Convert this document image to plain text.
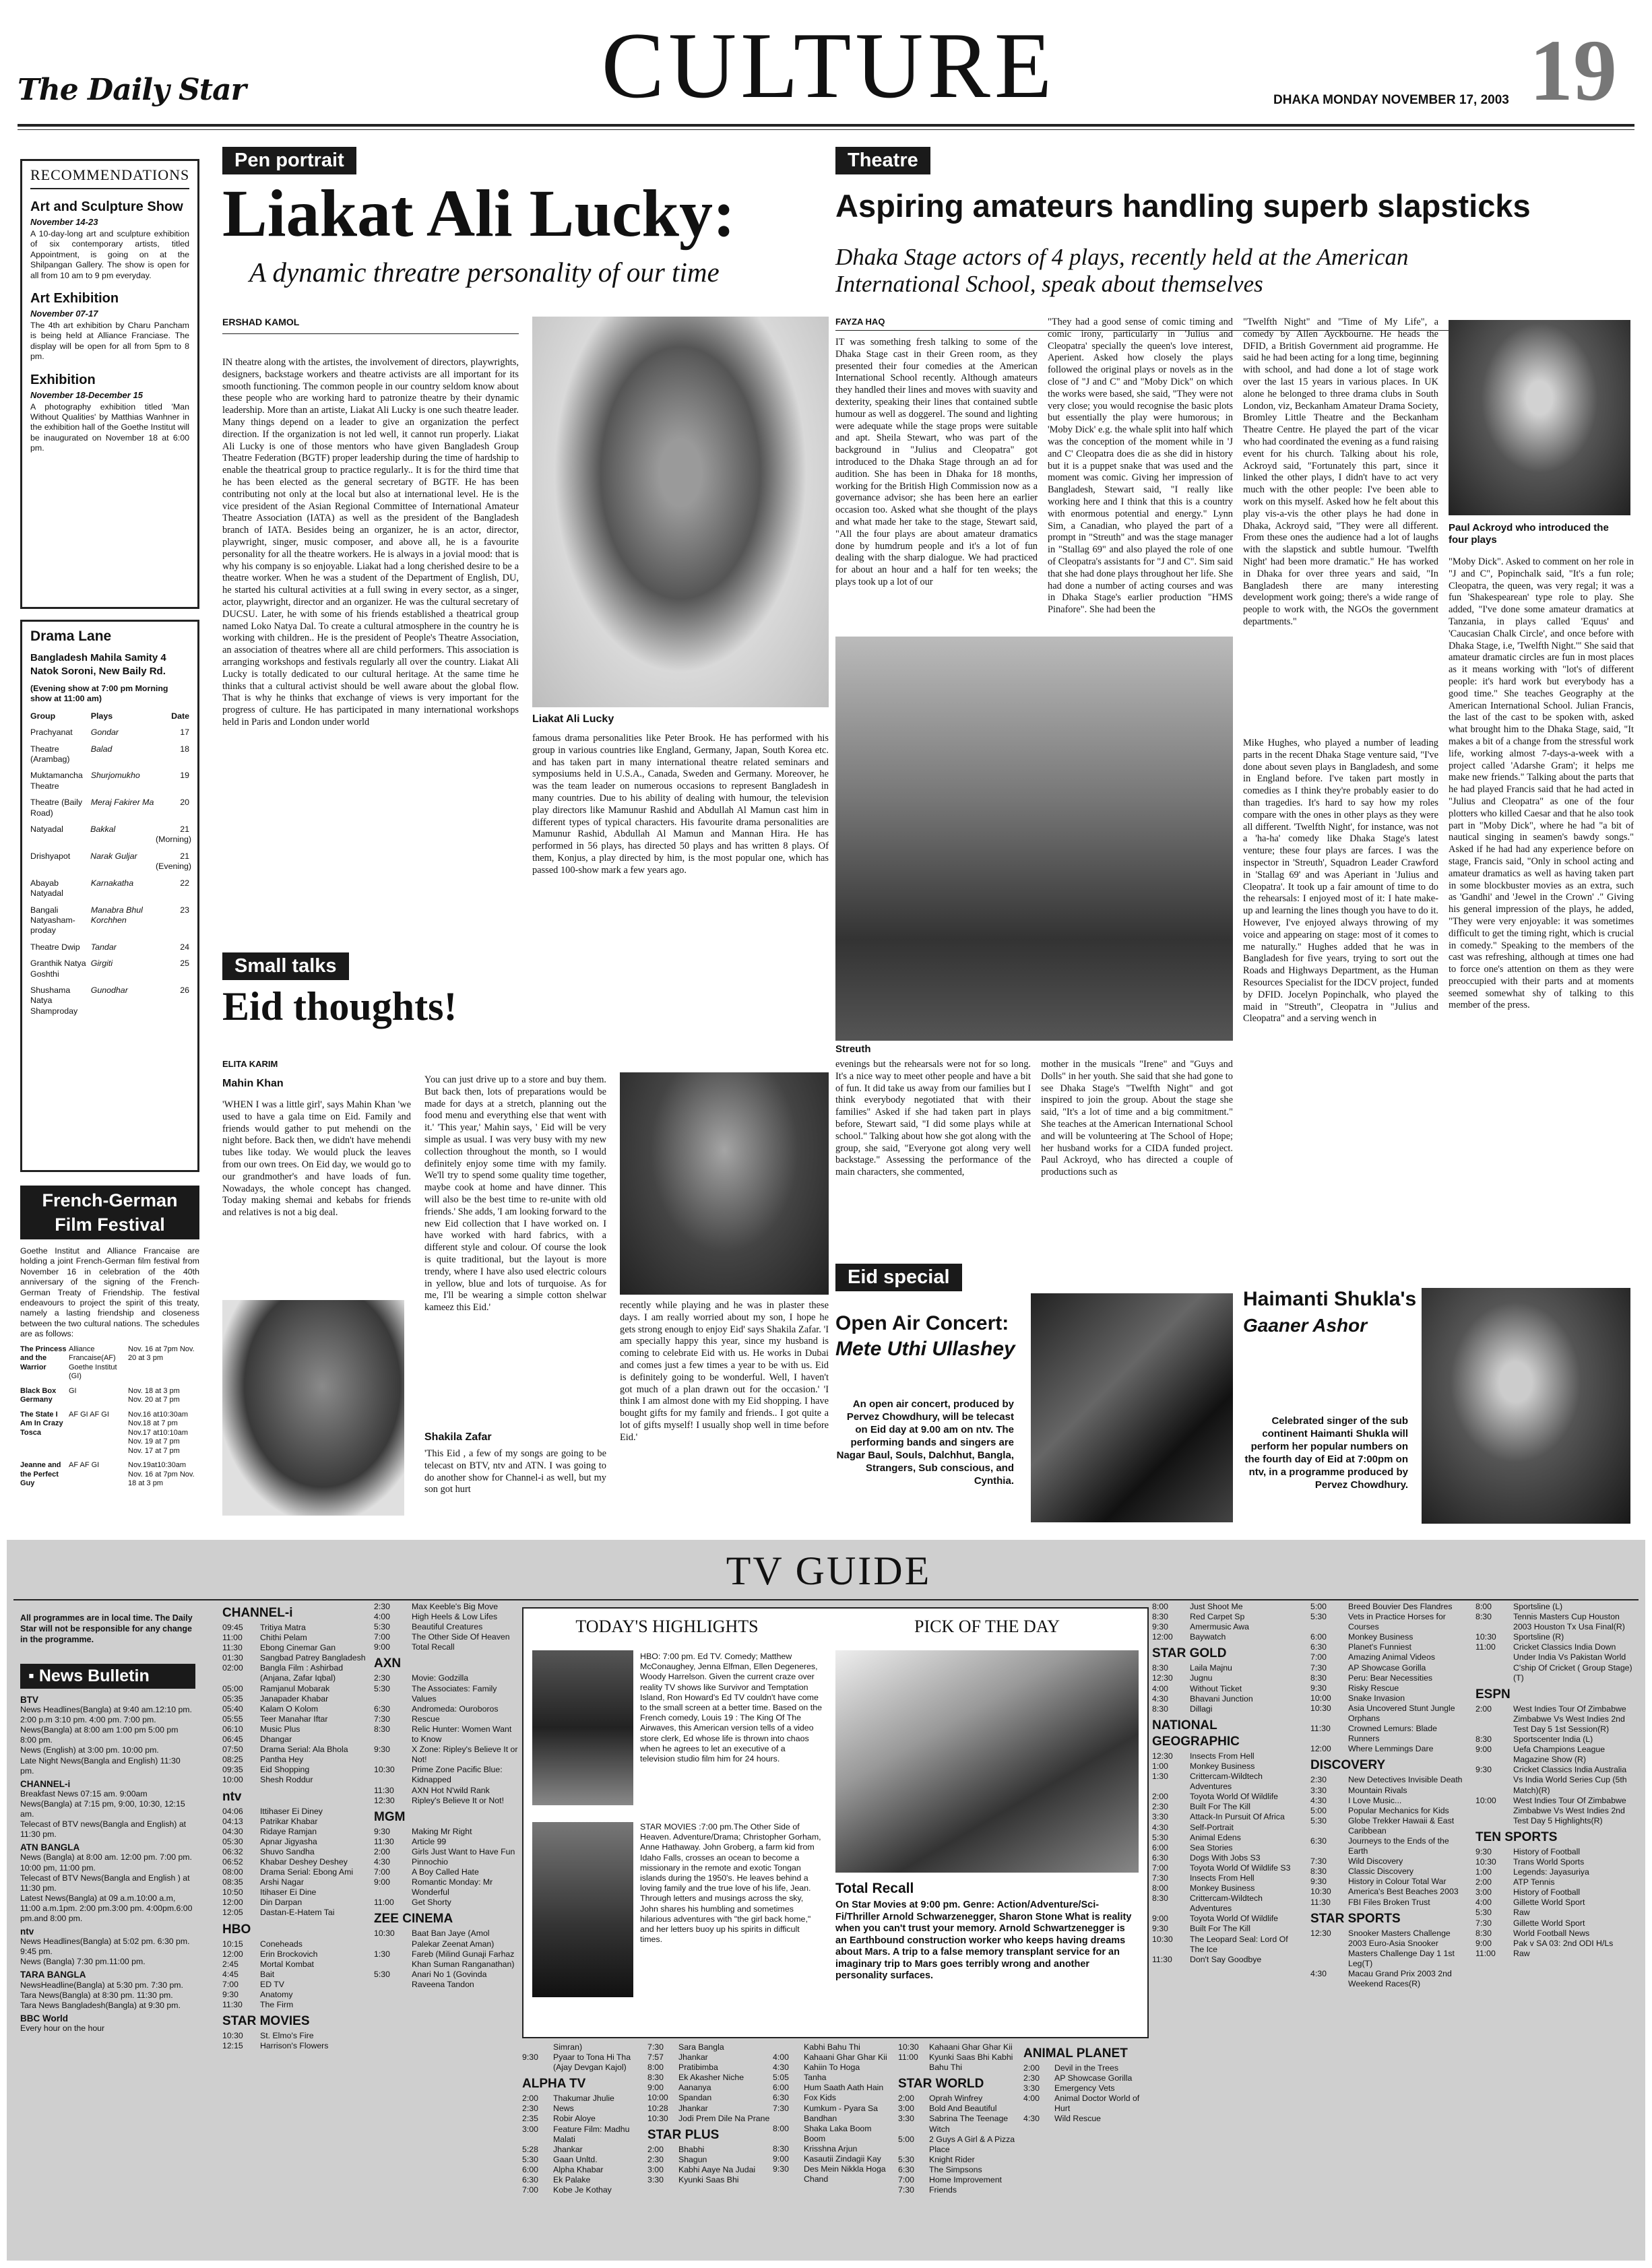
The Daily Star	CULTURE	DHAKA MONDAY NOVEMBER 17, 2003 19
RECOMMENDATIONS
Art and Sculpture Show
November 14-23

A 10-day-long art and sculpture exhibition of six contemporary artists, titled Appointment, is going on at the Shilpangan Gallery. The show is open for all from 10 am to 9 pm everyday.

Art Exhibition
November 07-17

The 4th art exhibition by Charu Pancham is being held at Alliance Franciase. The display will be open for all from 5pm to 8 pm.

Exhibition
November 18-December 15

A photography exhibition titled 'Man Without Qualities' by Matthias Wanhner in the exhibition hall of the Goethe Institut will be inaugurated on November 18 at 6:00 pm.

Drama Lane
Bangladesh Mahila Samity 4 Natok Soroni, New Baily Rd.
(Evening show at 7:00 pm Morning show at 11:00 am)
Group	Plays	Date
Prachyanat	Gondar	17
Theatre (Arambag)
Balad	18
Muktamancha Theatre
Shurjomukho	19
Theatre (Baily Road)
Meraj Fakirer Ma	20
Natyadal	Bakkal	21 (Morning)
Drishyapot	Narak Guljar	21 (Evening)
Abayab Natyadal
Karnakatha	22
Bangali Natyasham-proday
Manabra Bhul Korchhen
23
Theatre Dwip	Tandar	24
Granthik Natya Goshthi
Girgiti	25
Shushama Natya Shamproday
Gunodhar	26
French-German Film Festival

Goethe Institut and Alliance Francaise are holding a joint French-German film festival from November 16 in celebration of the 40th anniversary of the signing of the French-German Treaty of Friendship. The festival endeavours to project the spirit of this treaty, namely a lasting friendship and closeness between the two cultural nations. The schedules are as follows:

The Princess and the Warrior
Alliance Francaise(AF) Goethe Institut (GI)
Nov. 16 at 7pm Nov. 20 at 3 pm
Black Box Germany
GI	Nov. 18 at 3 pm Nov. 20 at 7 pm
The State I Am In Crazy Tosca
AF GI AF GI	Nov.16 at10:30am Nov.18 at 7 pm Nov.17 at10:10am Nov. 19 at 7 pm Nov. 17 at 7 pm
Jeanne and the Perfect Guy
AF AF GI	Nov.19at10:30am Nov. 16 at 7pm Nov. 18 at 3 pm
Pen portrait
Liakat Ali Lucky:
A dynamic threatre personality of our time
ERSHAD KAMOL
Liakat Ali Lucky

IN theatre along with the artistes, the involvement of directors, playwrights, designers, backstage workers and theatre activists are all important for its smooth functioning. The common people in our country seldom know about these people who are working hard to patronize theatre by their dynamic leadership. More than an artiste, Liakat Ali Lucky is one such theatre leader. Many things depend on a leader to give an organization the perfect direction. If the organization is not led well, it cannot run properly. Liakat Ali Lucky is one of those mentors who have given Bangladesh Group Theatre Federation (BGTF) proper leadership during the time of hardship to enable the theatrical group to practice regularly.. It is for the third time that he has been elected as the general secretary of BGTF. He has been contributing not only at the local but also at international level. He is the vice president of the Asian Regional Committee of International Amateur Theatre Association (IATA) as well as the president of the Bangladesh branch of IATA. Besides being an organizer, he is an actor, director, playwright, singer, music composer, and above all, he is a favourite personality for all the theatre workers. He is always in a jovial mood: that is why his company is so enjoyable. Liakat had a long cherished desire to be a theatre worker. When he was a student of the Department of English, DU, he started his cultural activities at a full swing in every sector, as a singer, actor, playwright, director and an organizer. He was the cultural secretary of DUCSU. Later, he with some of his friends established a theatrical group named Loko Natya Dal. To create a cultural atmosphere in the country he is working with children.. He is the president of People's Theatre Association, an association of theatres where all are child performers. This association is arranging workshops and festivals regularly all over the country. Liakat Ali Lucky is totally dedicated to our cultural heritage. At the same time he thinks that a cultural activist should be well aware about the global flow. That is why he thinks that exchange of views is very important for the progress of culture. He has participated in many international workshops held in Paris and London under world

famous drama personalities like Peter Brook. He has performed with his group in various countries like England, Germany, Japan, South Korea etc. and has taken part in many international theatre related seminars and symposiums held in U.S.A., Canada, Sweden and Germany. Moreover, he was the team leader on numerous occasions to represent Bangladesh in many countries. Due to his ability of dealing with humour, the television play directors like Mamunur Rashid and Abdullah Al Mamun cast him in different types of typical characters. His favourite drama personalities are Mamunur Rashid, Abdullah Al Mamun and Mannan Hira. He has performed in 56 plays, has directed 50 plays and has written 8 plays. Of them, Konjus, a play directed by him, is the most popular one, which has passed 100-show mark a few years ago.

Small talks
Eid thoughts!
ELITA KARIM
Mahin Khan

'WHEN I was a little girl', says Mahin Khan 'we used to have a gala time on Eid. Family and friends would gather to put mehendi on the night before. Back then, we didn't have mehendi tubes like today. We would pluck the leaves from our own trees. On Eid day, we would go to our grandmother's and have loads of fun. Nowadays, the whole concept has changed. Today making shemai and kebabs for friends and relatives is not a big deal.

You can just drive up to a store and buy them. But back then, lots of preparations would be made for days at a stretch, planning out the food menu and everything else that went with it.' 'This year,' Mahin says, ' Eid will be very simple as usual. I was very busy with my new collection throughout the month, so I would definitely enjoy some time with my family. We'll try to spend some quality time together, maybe cook at home and have dinner. This will also be the best time to re-unite with old friends.' She adds, 'I am looking forward to the new Eid collection that I have worked on. I have worked with hard fabrics, with a different style and colour. Of course the look is quite traditional, but the layout is more trendy, where I have also used electric colours in yellow, blue and lots of turquoise. As for me, I'll be wearing a simple cotton shelwar kameez this Eid.'

Shakila Zafar

'This Eid , a few of my songs are going to be telecast on BTV, ntv and ATN. I was going to do another show for Channel-i as well, but my son got hurt

recently while playing and he was in plaster these days. I am really worried about my son, I hope he gets strong enough to enjoy Eid' says Shakila Zafar. 'I am specially happy this year, since my husband is coming to celebrate Eid with us. He works in Dubai and comes just a few times a year to be with us. Eid is definitely going to be wonderful. Well, I haven't got much of a plan drawn out for the occasion.' 'I think I am almost done with my Eid shopping. I have bought gifts for my family and friends.. I got quite a lot of gifts myself! I usually shop well in time before Eid.'

Theatre
Aspiring amateurs handling superb slapsticks
Dhaka Stage actors of 4 plays, recently held at the American International School, speak about themselves
FAYZA HAQ

IT was something fresh talking to some of the Dhaka Stage cast in their Green room, as they presented their four comedies at the American International School recently. Although amateurs they handled their lines and moves with suavity and dexterity, speaking their lines that contained subtle humour as well as doggerel. The sound and lighting were adequate while the stage props were suitable and apt. Sheila Stewart, who was part of the background in "Julius and Cleopatra" got introduced to the Dhaka Stage through an ad for audition. She has been in Dhaka for 18 months, working for the British High Commission now as a governance advisor; she has been here an earlier occasion too. Asked what she thought of the plays and what made her take to the stage, Stewart said, "All the four plays are about amateur dramatics done by humdrum people and it's a lot of fun dealing with the sharp dialogue. We had practiced for about an hour and a half for ten weeks; the plays took up a lot of our

"They had a good sense of comic timing and comic irony, particularly in 'Julius and Cleopatra' specially the queen's love interest, Aperient. Asked how closely the plays followed the original plays or novels as in the close of "J and C" and "Moby Dick" on which the works were based, she said, "They were not very close; you would recognise the basic plots but essentially the play were humorous; in 'Moby Dick' e.g. the whale split into half which was the conception of the moment while in 'J and C' Cleopatra does die as she did in history but it is a puppet snake that was used and the moment was comic. Giving her impression of Bangladesh, Stewart said, "I really like working here and I think that this is a country with enormous potential and energy." Lynn Sim, a Canadian, who played the part of a prompt in "Streuth" and was the stage manager in "Stallag 69" and also played the role of one of Cleopatra's assistants for "J and C". Sim said that she had done plays throughout her life. She had done a number of acting courses and was in Dhaka Stage's earlier production "HMS Pinafore". She had been the

"Twelfth Night" and "Time of My Life", a comedy by Allen Ayckbourne. He heads the DFID, a British Government aid programme. He said he had been acting for a long time, beginning with school, and had done a lot of stage work over the last 15 years in various places. In UK alone he belonged to three drama clubs in South London, viz, Beckanham Amateur Drama Society, Bromley Little Theatre and the Beckanham Theatre Centre. He played the part of the vicar who had coordinated the evening as a fund raising event for his church. Talking about his role, Ackroyd said, "Fortunately this part, since it linked the other plays, I didn't have to act very much with the other people: I've been able to work on this myself. Asked how he felt about this play vis-a-vis the other plays he had done in Dhaka, Ackroyd said, "They were all different. From these ones the audience had a lot of laughs with the slapstick and subtle humour. 'Twelfth Night' had been more dramatic." He has worked in Dhaka for over three years and said, "In Bangladesh there are many interesting development work going; there's a wide range of people to work with, the NGOs the government departments."

Paul Ackroyd who introduced the four plays

"Moby Dick". Asked to comment on her role in "J and C", Popinchalk said, "It's a fun role; Cleopatra, the queen, was very regal; it was a fun 'Shakespearean' type role to play. She added, "I've done some amateur dramatics at Tanzania, in plays called 'Equus' and 'Caucasian Chalk Circle', and once before with Dhaka Stage, i.e, 'Twelfth Night.'" She said that amateur dramatic circles are fun in most places as it means working with "lot's of different people: it's hard work but everybody has a good time." She teaches Geography at the American International School. Julian Francis, the last of the cast to be spoken with, asked what brought him to the Dhaka Stage, said, "It makes a bit of a change from the stressful work life, working almost 7-days-a-week with a project called 'Adarshe Gram'; it helps me make new friends." Talking about the parts that he had played Francis said that he had acted in "Julius and Cleopatra" as one of the four plotters who killed Caesar and that he also took part in "Moby Dick", where he had "a bit of nautical singing in seamen's bawdy songs." Asked if he had had any experience before on stage, Francis said, "Only in school acting and amateur dramatics as well as having taken part in some blockbuster movies as an extra, such as 'Gandhi' and 'Jewel in the Crown' ." Giving his general impression of the plays, he added, "They were very enjoyable: it was sometimes difficult to get the timing right, which is crucial in comedy." Speaking to the members of the cast was refreshing, although at times one had to force one's attention on them as they were preoccupied with their parts and at moments seemed somewhat shy of talking to this member of the press.

Streuth

evenings but the rehearsals were not for so long. It's a nice way to meet other people and have a bit of fun. It did take us away from our families but I think everybody negotiated that with their families" Asked if she had taken part in plays before, Stewart said, "I did some plays while at school." Talking about how she got along with the group, she said, "Everyone got along very well backstage." Assessing the performance of the main characters, she commented,

mother in the musicals "Irene" and "Guys and Dolls" in her youth. She said that she had gone to see Dhaka Stage's "Twelfth Night" and got inspired to join the group. About the stage she said, "It's a lot of time and a big commitment." She teaches at the American International School and will be volunteering at The School of Hope; her husband works for a CIDA funded project. Paul Ackroyd, who has directed a couple of productions such as

Mike Hughes, who played a number of leading parts in the recent Dhaka Stage venture said, "I've done about seven plays in Bangladesh, and some in England before. I've taken part mostly in comedies as I think they're probably easier to do than tragedies. It's hard to say how my roles compare with the ones in other plays as they were all different. 'Twelfth Night', for instance, was not a 'ha-ha' comedy like Dhaka Stage's latest venture; these four plays are farces. I was the inspector in 'Streuth', Squadron Leader Crawford in 'Stallag 69' and was Aperiant in 'Julius and Cleopatra'. It took up a fair amount of time to do the rehearsals: I enjoyed most of it: I hate make-up and learning the lines though you have to do it. However, I've enjoyed always throwing of my voice and appearing on stage: most of it comes to me naturally." Hughes added that he was in Bangladesh for five years, trying to sort out the Roads and Highways Department, as the Human Resources Specialist for the IDCV project, funded by DFID. Jocelyn Popinchalk, who played the maid in "Streuth", Cleopatra in "Julius and Cleopatra" and a serving wench in

Eid special
Open Air Concert:
Mete Uthi Ullashey
An open air concert, produced by Pervez Chowdhury, will be telecast on Eid day at 9.00 am on ntv. The performing bands and singers are Nagar Baul, Souls, Dalchhut, Bangla, Strangers, Sub conscious, and Cynthia.
Haimanti Shukla's
Gaaner Ashor
Celebrated singer of the sub continent Haimanti Shukla will perform her popular numbers on the fourth day of Eid at 7:00pm on ntv, in a programme produced by Pervez Chowdhury.
TV GUIDE
All programmes are in local time. The Daily Star will not be responsible for any change in the programme.
▪ News Bulletin
BTV
News Headlines(Bangla) at 9:40 am.12:10 pm. 2:00 p.m 3:10 pm. 4:00 pm. 7:00 pm.
News(Bangla) at 8:00 am 1:00 pm 5:00 pm 8:00 pm.
News (English) at 3:00 pm. 10:00 pm.
Late Night News(Bangla and English) 11:30 pm.
CHANNEL-i
Breakfast News 07:15 am. 9:00am
News(Bangla) at 7:15 pm, 9:00, 10:30, 12:15 am.
Telecast of BTV news(Bangla and English) at 11:30 pm.
ATN BANGLA
News (Bangla) at 8:00 am. 12:00 pm. 7:00 pm. 10:00 pm, 11:00 pm.
Telecast of BTV News(Bangla and English ) at 11:30 pm.
Latest News(Bangla) at 09 a.m.10:00 a.m, 11:00 a.m.1pm. 2:00 pm.3:00 pm. 4:00pm.6:00 pm.and 8:00 pm.
ntv
News Headlines(Bangla) at 5:02 pm. 6:30 pm. 9:45 pm.
News (Bangla) 7:30 pm.11:00 pm.
TARA BANGLA
NewsHeadline(Bangla) at 5:30 pm. 7:30 pm.
Tara News(Bangla) at 8:30 pm. 11:30 pm.
Tara News Bangladesh(Bangla) at 9:30 pm.
BBC World
Every hour on the hour
CHANNEL-i
09:45	Tritiya Matra
11:00	Chithi Pelam
11:30	Ebong Cinemar Gan
01:30	Sangbad Patrey Bangladesh
02:00	Bangla Film : Ashirbad (Anjana, Zafar Iqbal)
05:00	Ramjanul Mobarak
05:35	Janapader Khabar
05:40	Kalam O Kolom
05:55	Teer Manahar Iftar
06:10	Music Plus
06:45	Dhangar
07:50	Drama Serial: Ala Bhola
08:25	Pantha Hey
09:35	Eid Shopping
10:00	Shesh Roddur
ntv
04:06	Ittihaser Ei Diney
04:13	Patrikar Khabar
04:30	Ridaye Ramjan
05:30	Apnar Jigyasha
06:32	Shuvo Sandha
06:52	Khabar Deshey Deshey
08:00	Drama Serial: Ebong Ami
08:35	Arshi Nagar
10:50	Itihaser Ei Dine
12:00	Din Darpan
12:05	Dastan-E-Hatem Tai
HBO
10:15	Coneheads
12:00	Erin Brockovich
2:45	Mortal Kombat
4:45	Bait
7:00	ED TV
9:30	Anatomy
11:30	The Firm
STAR MOVIES
10:30	St. Elmo's Fire
12:15	Harrison's Flowers
2:30	Max Keeble's Big Move
4:00	High Heels & Low Lifes
5:30	Beautiful Creatures
7:00	The Other Side Of Heaven
9:00	Total Recall
AXN
2:30	Movie: Godzilla
5:30	The Associates: Family Values
6:30	Andromeda: Ouroboros
7:30	Rescue
8:30	Relic Hunter: Women Want to Know
9:30	X Zone: Ripley's Believe It or Not!
10:30	Prime Zone Pacific Blue: Kidnapped
11:30	AXN Hot N'wild Rank
12:30	Ripley's Believe It or Not!
MGM
9:30	Making Mr Right
11:30	Article 99
2:00	Girls Just Want to Have Fun
4:30	Pinnochio
7:00	A Boy Called Hate
9:00	Romantic Monday: Mr Wonderful
11:00	Get Shorty
ZEE CINEMA
10:30	Baat Ban Jaye (Amol Palekar Zeenat Aman)
1:30	Fareb (Milind Gunaji Farhaz Khan Suman Ranganathan)
5:30	Anari No 1 (Govinda Raveena Tandon
TODAY'S HIGHLIGHTS	PICK OF THE DAY
HBO: 7:00 pm. Ed TV. Comedy; Matthew McConaughey, Jenna Elfman, Ellen Degeneres, Woody Harrelson. Given the current craze over reality TV shows like Survivor and Temptation Island, Ron Howard's Ed TV couldn't have come to the small screen at a better time. Based on the French comedy, Louis 19 : The King Of The Airwaves, this American version tells of a video store clerk, Ed whose life is thrown into chaos when he agrees to let an executive of a television studio film him for 24 hours.
STAR MOVIES :7:00 pm.The Other Side of Heaven. Adventure/Drama; Christopher Gorham, Anne Hathaway. John Groberg, a farm kid from Idaho Falls, crosses an ocean to become a missionary in the remote and exotic Tongan islands during the 1950's. He leaves behind a loving family and the true love of his life, Jean. Through letters and musings across the sky, John shares his humbling and sometimes hilarious adventures with "the girl back home," and her letters buoy up his spirits in difficult times.
Total Recall
On Star Movies at 9:00 pm. Genre: Action/Adventure/Sci-Fi/Thriller Arnold Schwarzenegger, Sharon Stone What is reality when you can't trust your memory. Arnold Schwartzenegger is an Earthbound construction worker who keeps having dreams about Mars. A trip to a false memory transplant service for an imaginary trip to Mars goes terribly wrong and another personality surfaces.
8:00	Just Shoot Me
8:30	Red Carpet Sp
9:30	Amermusic Awa
12:00	Baywatch
STAR GOLD
8:30	Laila Majnu
12:30	Jugnu
4:00	Without Ticket
4:30	Bhavani Junction
8:30	Dillagi
NATIONAL GEOGRAPHIC
12:30	Insects From Hell
1:00	Monkey Business
1:30	Crittercam-Wildtech Adventures
2:00	Toyota World Of Wildlife
2:30	Built For The Kill
3:30	Attack-In Pursuit Of Africa
4:30	Self-Portrait
5:30	Animal Edens
6:00	Sea Stories
6:30	Dogs With Jobs S3
7:00	Toyota World Of Wildlife S3
7:30	Insects From Hell
8:00	Monkey Business
8:30	Crittercam-Wildtech Adventures
9:00	Toyota World Of Wildlife
9:30	Built For The Kill
10:30	The Leopard Seal: Lord Of The Ice
11:30	Don't Say Goodbye
5:00	Breed Bouvier Des Flandres
5:30	Vets in Practice Horses for Courses
6:00	Monkey Business
6:30	Planet's Funniest
7:00	Amazing Animal Videos
7:30	AP Showcase Gorilla
8:30	Peru: Bear Necessities
9:30	Risky Rescue
10:00	Snake Invasion
10:30	Asia Uncovered Stunt Jungle Orphans
11:30	Crowned Lemurs: Blade Runners
12:00	Where Lemmings Dare
DISCOVERY
2:30	New Detectives Invisible Death
3:30	Mountain Rivals
4:30	I Love Music...
5:00	Popular Mechanics for Kids
5:30	Globe Trekker Hawaii & East Caribbean
6:30	Journeys to the Ends of the Earth
7:30	Wild Discovery
8:30	Classic Discovery
9:30	History in Colour Total War
10:30	America's Best Beaches 2003
11:30	FBI Files Broken Trust
STAR SPORTS
12:30	Snooker Masters Challenge 2003 Euro-Asia Snooker Masters Challenge Day 1 1st Leg(T)
4:30	Macau Grand Prix 2003 2nd Weekend Races(R)
8:00	Sportsline (L)
8:30	Tennis Masters Cup Houston 2003 Houston Tx Usa Final(R)
10:30	Sportsline (R)
11:00	Cricket Classics India Down Under India Vs Pakistan World C'ship Of Cricket ( Group Stage)(T)
ESPN
2:00	West Indies Tour Of Zimbabwe Zimbabwe Vs West Indies 2nd Test Day 5 1st Session(R)
8:30	Sportscenter India (L)
9:00	Uefa Champions League Magazine Show (R)
9:30	Cricket Classics India Australia Vs India World Series Cup (5th Match)(R)
10:00	West Indies Tour Of Zimbabwe Zimbabwe Vs West Indies 2nd Test Day 5 Highlights(R)
TEN SPORTS
9:30	History of Football
10:30	Trans World Sports
1:00	Legends: Jayasuriya
2:00	ATP Tennis
3:00	History of Football
4:00	Gillette World Sport
5:30	Raw
7:30	Gillette World Sport
8:30	World Football News
9:00	Pak v SA 03: 2nd ODI H/Ls
11:00	Raw
Simran)
9:30	Pyaar to Tona Hi Tha (Ajay Devgan Kajol)
ALPHA TV
2:00	Thakumar Jhulie
2:30	News
2:35	Robir Aloye
3:00	Feature Film: Madhu Malati
5:28	Jhankar
5:30	Gaan Unltd.
6:00	Alpha Khabar
6:30	Ek Palake
7:00	Kobe Je Kothay
7:30	Sara Bangla
7:57	Jhankar
8:00	Pratibimba
8:30	Ek Akasher Niche
9:00	Aananya
10:00	Spandan
10:28	Jhankar
10:30	Jodi Prem Dile Na Prane
STAR PLUS
2:00	Bhabhi
2:30	Shagun
3:00	Kabhi Aaye Na Judai
3:30	Kyunki Saas Bhi
Kabhi Bahu Thi
4:00	Kahaani Ghar Ghar Kii
4:30	Kahiin To Hoga
5:05	Tanha
6:00	Hum Saath Aath Hain
6:30	Fox Kids
7:30	Kumkum - Pyara Sa Bandhan
8:00	Shaka Laka Boom Boom
8:30	Krisshna Arjun
9:00	Kasautii Zindagii Kay
9:30	Des Mein Nikkla Hoga Chand
10:30	Kahaani Ghar Ghar Kii
11:00	Kyunki Saas Bhi Kabhi Bahu Thi
STAR WORLD
2:00	Oprah Winfrey
3:00	Bold And Beautiful
3:30	Sabrina The Teenage Witch
5:00	2 Guys A Girl & A Pizza Place
5:30	Knight Rider
6:30	The Simpsons
7:00	Home Improvement
7:30	Friends
ANIMAL PLANET
2:00	Devil in the Trees
2:30	AP Showcase Gorilla
3:30	Emergency Vets
4:00	Animal Doctor World of Hurt
4:30	Wild Rescue
